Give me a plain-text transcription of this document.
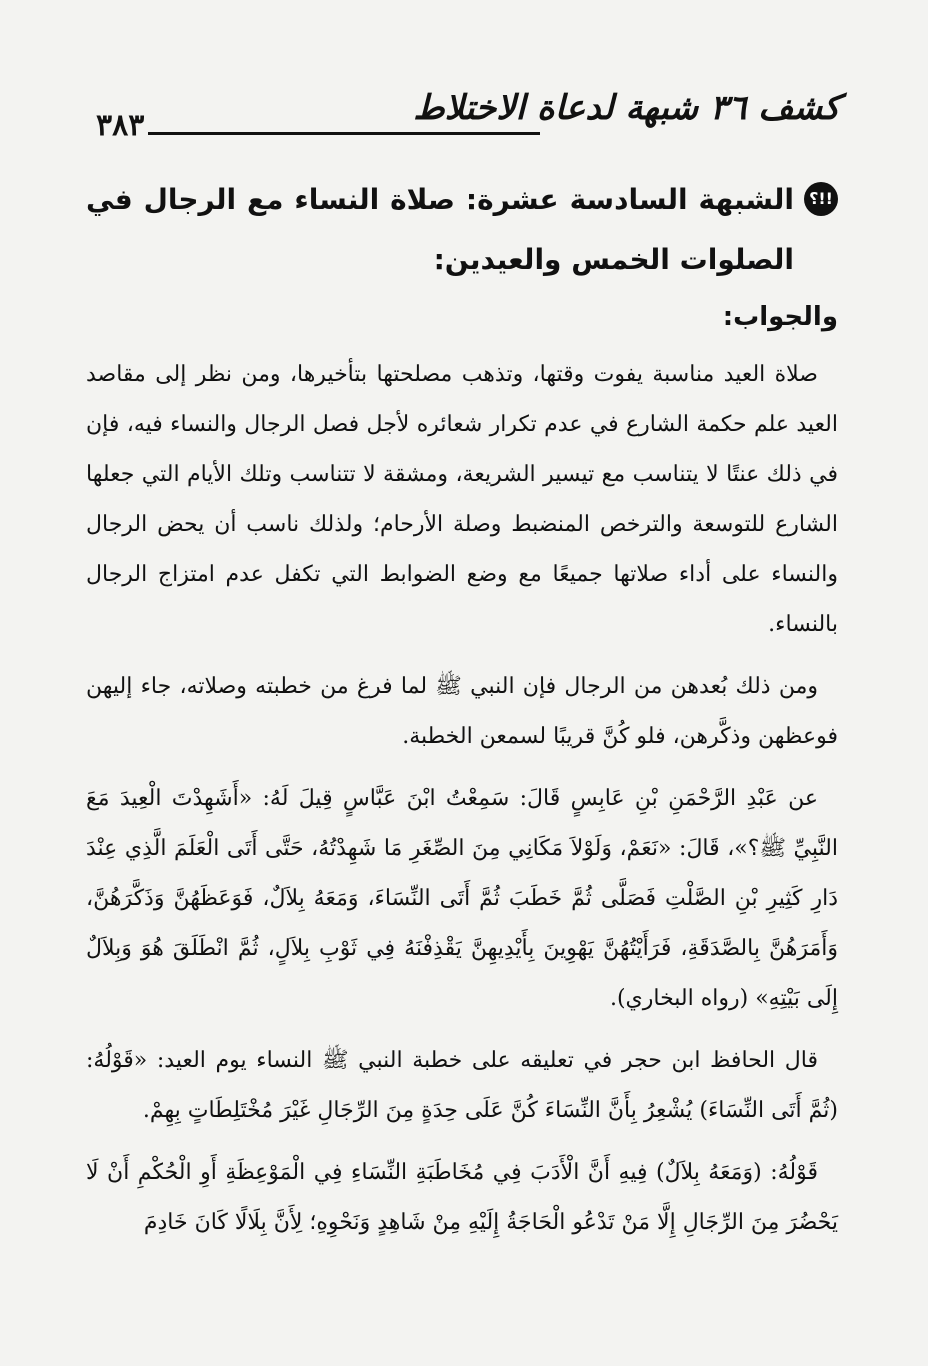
٣٨٣	كشف ٣٦ شبهة لدعاة الاختلاط
!!؟
الشبهة السادسة عشرة: صلاة النساء مع الرجال في الصلوات الخمس والعيدين:
والجواب:

صلاة العيد مناسبة يفوت وقتها، وتذهب مصلحتها بتأخيرها، ومن نظر إلى مقاصد العيد علم حكمة الشارع في عدم تكرار شعائره لأجل فصل الرجال والنساء فيه، فإن في ذلك عنتًا لا يتناسب مع تيسير الشريعة، ومشقة لا تتناسب وتلك الأيام التي جعلها الشارع للتوسعة والترخص المنضبط وصلة الأرحام؛ ولذلك ناسب أن يحض الرجال والنساء على أداء صلاتها جميعًا مع وضع الضوابط التي تكفل عدم امتزاج الرجال بالنساء.

ومن ذلك بُعدهن من الرجال فإن النبي ﷺ لما فرغ من خطبته وصلاته، جاء إليهن فوعظهن وذكَّرهن، فلو كُنَّ قريبًا لسمعن الخطبة.

عن عَبْدِ الرَّحْمَنِ بْنِ عَابِسٍ قَالَ: سَمِعْتُ ابْنَ عَبَّاسٍ قِيلَ لَهُ: «أَشَهِدْتَ الْعِيدَ مَعَ النَّبِيِّ ﷺ؟»، قَالَ: «نَعَمْ، وَلَوْلاَ مَكَانِي مِنَ الصِّغَرِ مَا شَهِدْتُهُ، حَتَّى أَتَى الْعَلَمَ الَّذِي عِنْدَ دَارِ كَثِيرِ بْنِ الصَّلْتِ فَصَلَّى ثُمَّ خَطَبَ ثُمَّ أَتَى النِّسَاءَ، وَمَعَهُ بِلاَلٌ، فَوَعَظَهُنَّ وَذَكَّرَهُنَّ، وَأَمَرَهُنَّ بِالصَّدَقَةِ، فَرَأَيْتُهُنَّ يَهْوِينَ بِأَيْدِيهِنَّ يَقْذِفْنَهُ فِي ثَوْبِ بِلاَلٍ، ثُمَّ انْطَلَقَ هُوَ وَبِلاَلٌ إِلَى بَيْتِهِ» (رواه البخاري).

قال الحافظ ابن حجر في تعليقه على خطبة النبي ﷺ النساء يوم العيد: «قَوْلُهُ: (ثُمَّ أَتَى النِّسَاءَ) يُشْعِرُ بِأَنَّ النِّسَاءَ كُنَّ عَلَى حِدَةٍ مِنَ الرِّجَالِ غَيْرَ مُخْتَلِطَاتٍ بِهِمْ.

قَوْلُهُ: (وَمَعَهُ بِلاَلٌ) فِيهِ أَنَّ الْأَدَبَ فِي مُخَاطَبَةِ النِّسَاءِ فِي الْمَوْعِظَةِ أَوِ الْحُكْمِ أَنْ لَا يَحْضُرَ مِنَ الرِّجَالِ إِلَّا مَنْ تَدْعُو الْحَاجَةُ إِلَيْهِ مِنْ شَاهِدٍ وَنَحْوِهِ؛ لِأَنَّ بِلَالًا كَانَ خَادِمَ
